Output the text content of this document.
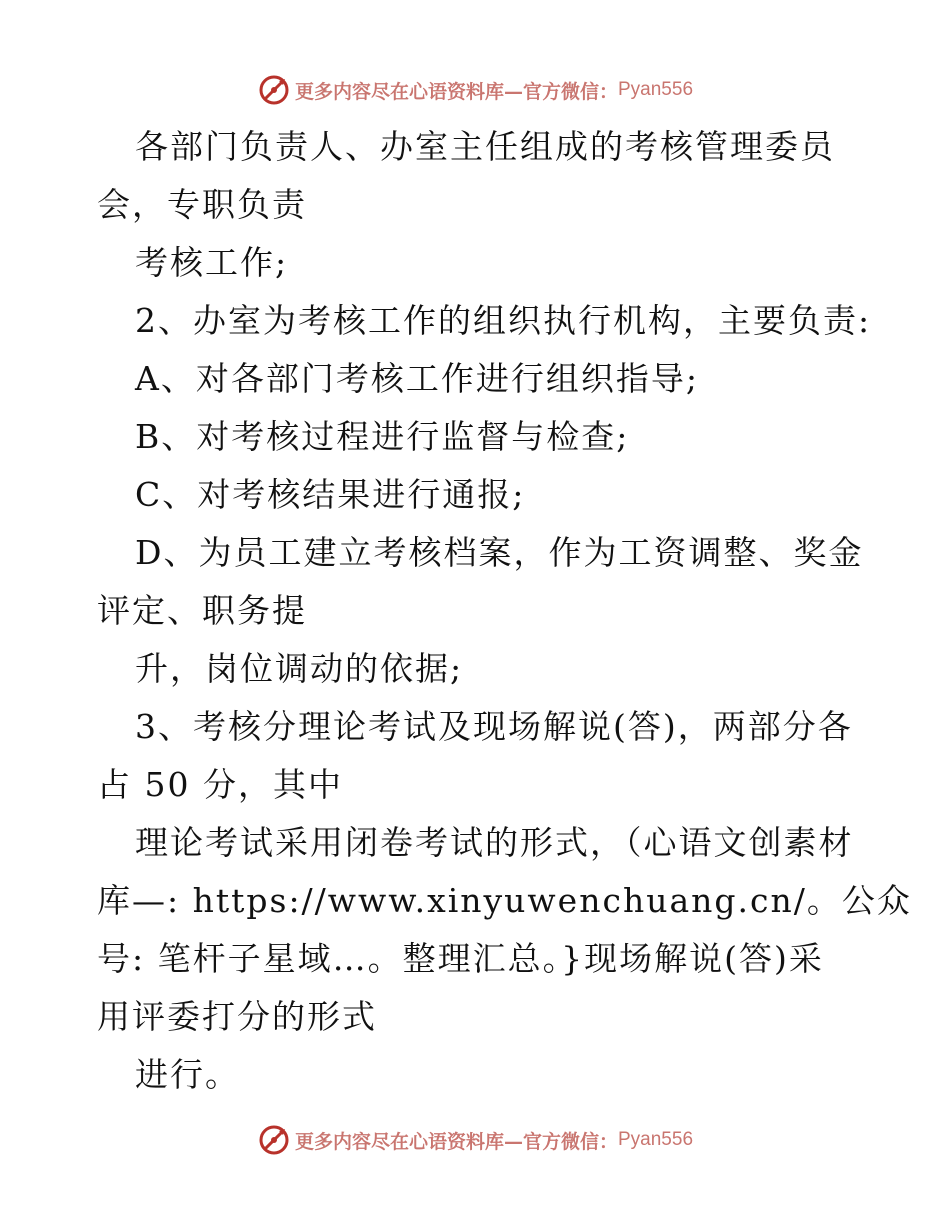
更多内容尽在心语资料库—官方微信： Pyan556
各部门负责人、办室主任组成的考核管理委员
会，专职负责
考核工作;
2、办室为考核工作的组织执行机构，主要负责:
A、对各部门考核工作进行组织指导;
B、对考核过程进行监督与检查;
C、对考核结果进行通报;
D、为员工建立考核档案，作为工资调整、奖金
评定、职务提
升，岗位调动的依据;
3、考核分理论考试及现场解说(答)，两部分各
占 50 分，其中
理论考试采用闭卷考试的形式，（心语文创素材
库—: https://www.xinyuwenchuang.cn/。公众
号: 笔杆子星域…。整理汇总。}现场解说(答)采
用评委打分的形式
进行。
更多内容尽在心语资料库—官方微信： Pyan556
